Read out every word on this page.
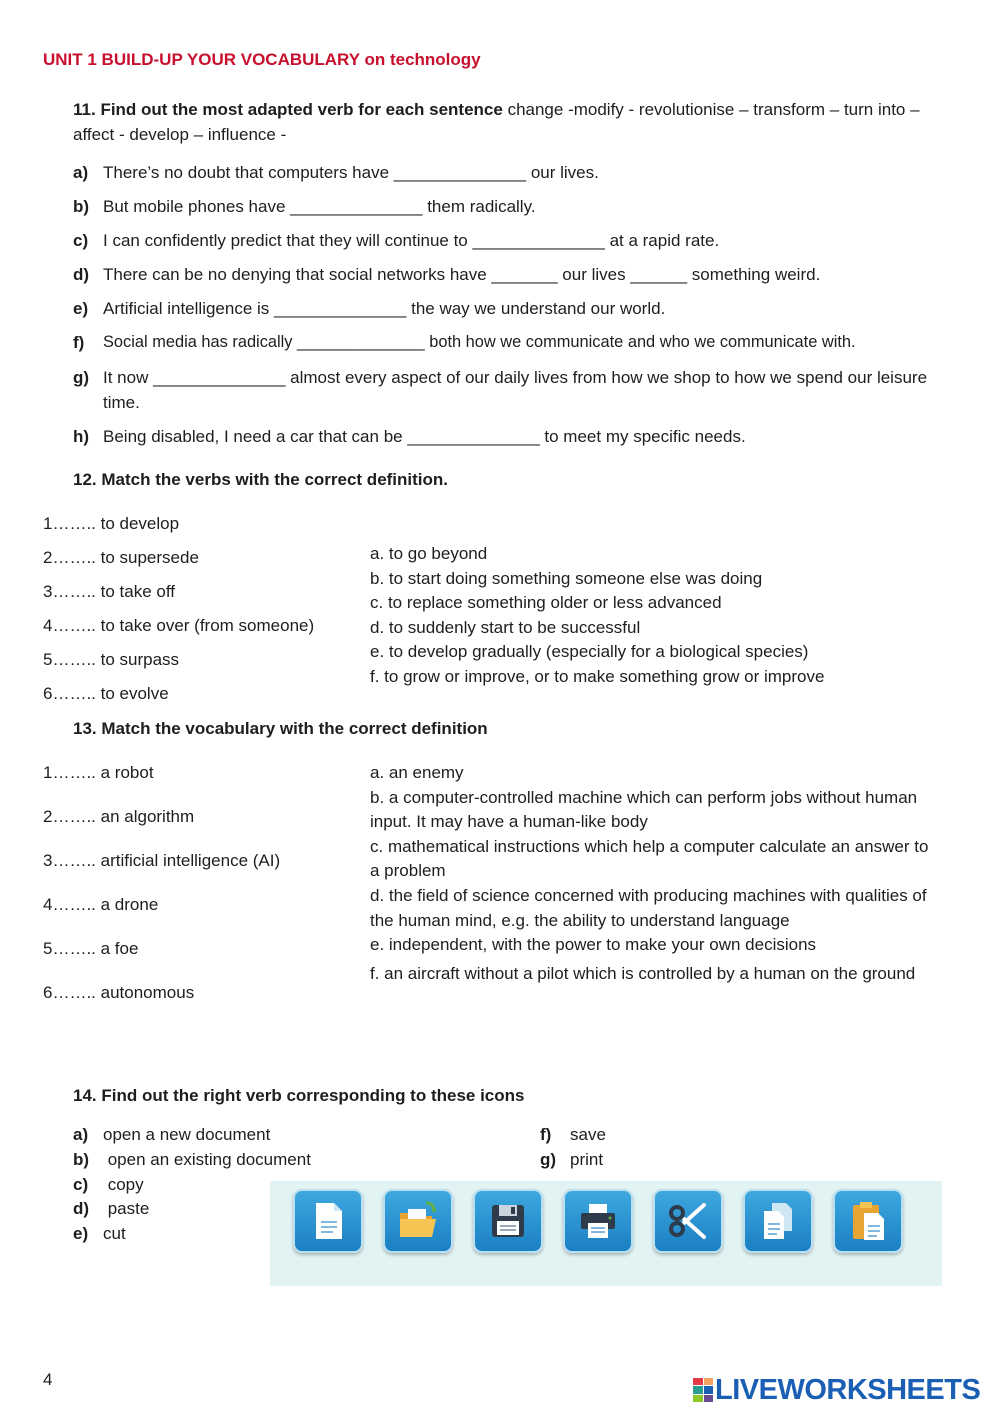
UNIT 1 BUILD-UP YOUR VOCABULARY on technology
11. Find out the most adapted verb for each sentence change -modify - revolutionise – transform – turn into – affect - develop – influence -
a) There’s no doubt that computers have ______________ our lives.
b) But mobile phones have ______________ them radically.
c) I can confidently predict that they will continue to ______________ at a rapid rate.
d) There can be no denying that social networks have _______ our lives ______ something weird.
e) Artificial intelligence is ______________ the way we understand our world.
f) Social media has radically ______________ both how we communicate and who we communicate with.
g) It now ______________ almost every aspect of our daily lives from how we shop to how we spend our leisure time.
h) Being disabled, I need a car that can be ______________ to meet my specific needs.
12. Match the verbs with the correct definition.
1…….. to develop
2…….. to supersede
3…….. to take off
4…….. to take over (from someone)
5…….. to surpass
6…….. to evolve
a. to go beyond
b. to start doing something someone else was doing
c. to replace something older or less advanced
d. to suddenly start to be successful
e. to develop gradually (especially for a biological species)
f. to grow or improve, or to make something grow or improve
13. Match the vocabulary with the correct definition
1…….. a robot
2…….. an algorithm
3…….. artificial intelligence (AI)
4…….. a drone
5…….. a foe
6…….. autonomous
a. an enemy
b. a computer-controlled machine which can perform jobs without human input. It may have a human-like body
c. mathematical instructions which help a computer calculate an answer to a problem
d. the field of science concerned with producing machines with qualities of the human mind, e.g. the ability to understand language
e. independent, with the power to make your own decisions
f. an aircraft without a pilot which is controlled by a human on the ground
14. Find out the right verb corresponding to these icons
a) open a new document
b) open an existing document
c) copy
d) paste
e) cut
f) save
g) print
4	LIVEWORKSHEETS
